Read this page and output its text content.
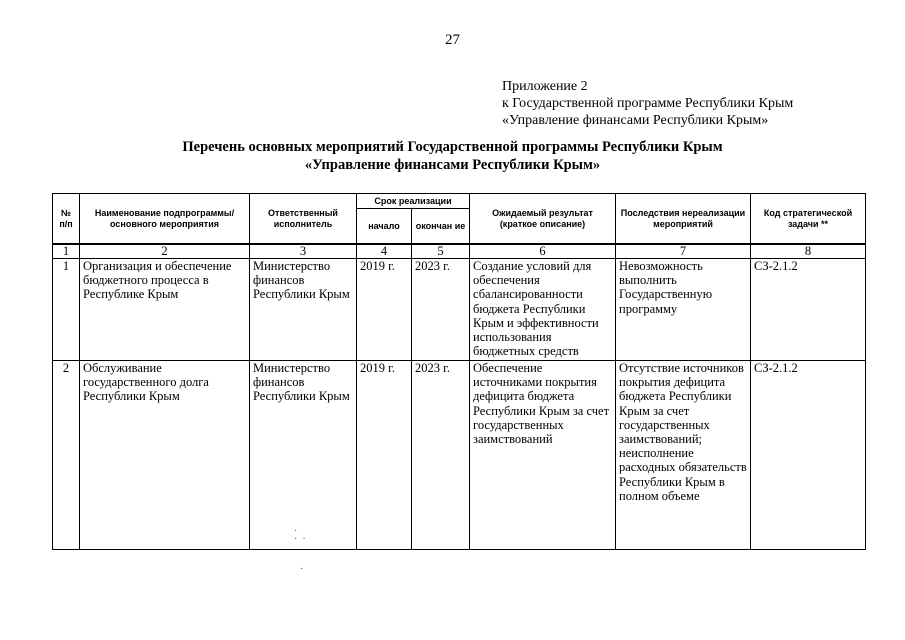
27
Приложение 2
к Государственной программе Республики Крым
«Управление финансами Республики Крым»
Перечень основных мероприятий Государственной программы Республики Крым
«Управление финансами Республики Крым»
№ п/п	Наименование подпрограммы/ основного мероприятия	Ответственный исполнитель	Срок реализации		Ожидаемый результат (краткое описание)	Последствия нереализации мероприятий	Код стратегической задачи **
			начало	окончан ие			
1	2	3	4	5	6	7	8
1	Организация и обеспечение бюджетного процесса в Республике Крым	Министерство финансов Республики Крым	2019 г.	2023 г.	Создание условий для обеспечения сбалансированности бюджета Республики Крым и эффективности использования бюджетных средств	Невозможность выполнить Государственную программу	СЗ-2.1.2
2	Обслуживание государственного долга Республики Крым	Министерство финансов Республики Крым	2019 г.	2023 г.	Обеспечение источниками покрытия дефицита бюджета Республики Крым за счет государственных заимствований	Отсутствие источников покрытия дефицита бюджета Республики Крым за счет государственных заимствований; неисполнение расходных обязательств Республики Крым в полном объеме	СЗ-2.1.2
·
·  ·
·
